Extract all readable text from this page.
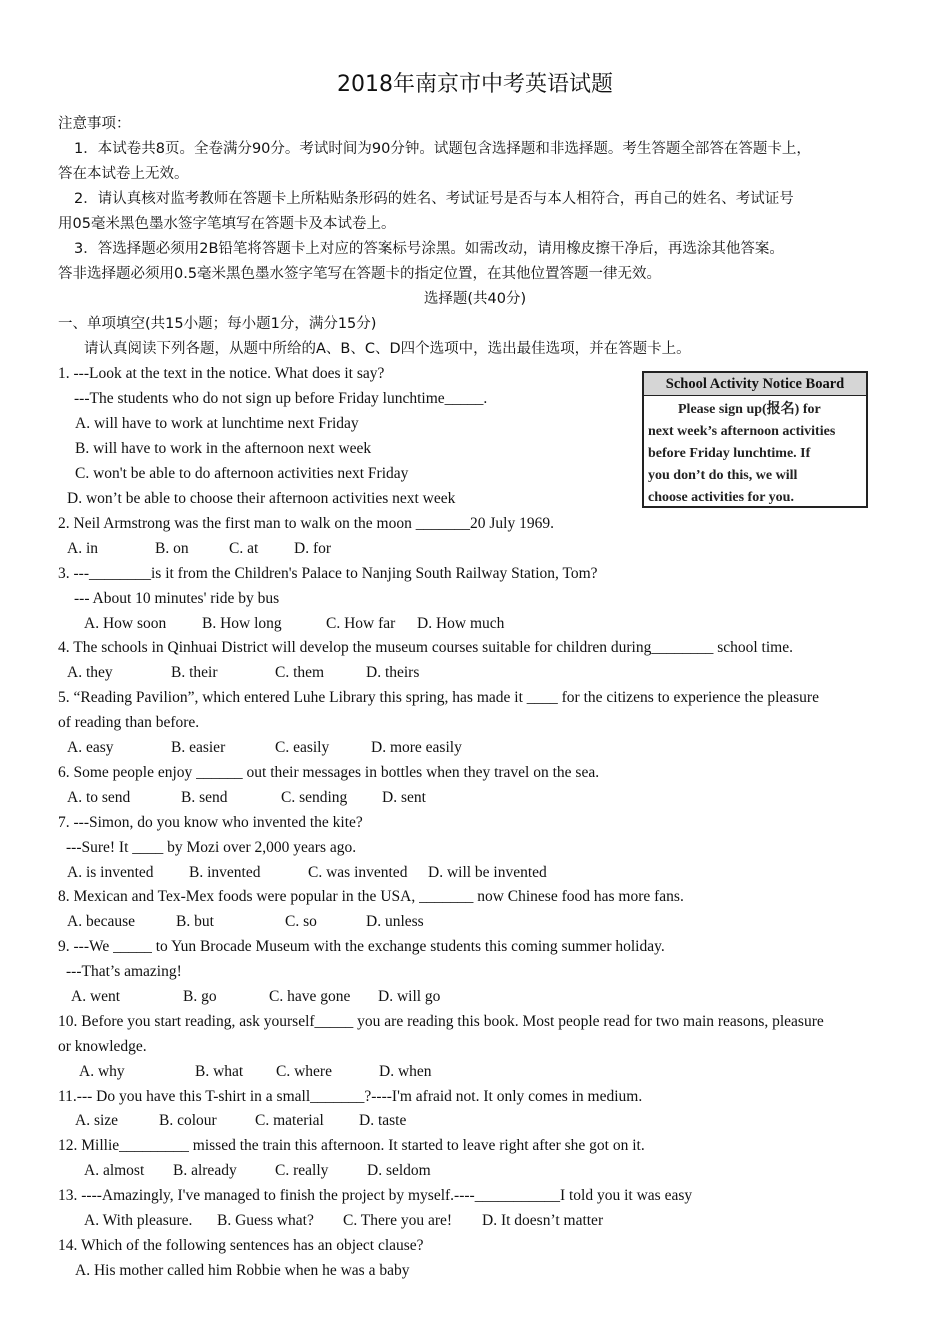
2018年南京市中考英语试题
注意事项：
1．本试卷共8页。全卷满分90分。考试时间为90分钟。试题包含选择题和非选择题。考生答题全部答在答题卡上，
答在本试卷上无效。
2．请认真核对监考教师在答题卡上所粘贴条形码的姓名、考试证号是否与本人相符合，再自己的姓名、考试证号
用05毫米黑色墨水签字笔填写在答题卡及本试卷上。
3．答选择题必须用2B铅笔将答题卡上对应的答案标号涂黑。如需改动，请用橡皮擦干净后，再选涂其他答案。
答非选择题必须用0.5毫米黑色墨水签字笔写在答题卡的指定位置，在其他位置答题一律无效。
选择题(共40分)
一、单项填空(共15小题；每小题1分，满分15分)
请认真阅读下列各题，从题中所给的A、B、C、D四个选项中，选出最佳选项，并在答题卡上。
1. ---Look at the text in the notice. What does it say?
---The students who do not sign up before Friday lunchtime_____.
A. will have to work at lunchtime next Friday
B. will have to work in the afternoon next week
C. won't be able to do afternoon activities next Friday
D. won’t be able to choose their afternoon activities next week
School Activity Notice Board

Please sign up(报名) for

next week’s afternoon activities

before Friday lunchtime. If

you don’t do this, we will

choose activities for you.

2. Neil Armstrong was the first man to walk on the moon _______20 July 1969.
A. in	B. on	C. at D. for
3. ---________is it from the Children's Palace to Nanjing South Railway Station, Tom?
--- About 10 minutes' ride by bus
A. How soon B. How long	C. How far D. How much
4. The schools in Qinhuai District will develop the museum courses suitable for children during________ school time.
A. they	B. their	C. them	D. theirs
5. “Reading Pavilion”, which entered Luhe Library this spring, has made it ____ for the citizens to experience the pleasure
of reading than before.
A. easy	B. easier	C. easily	D. more easily
6. Some people enjoy ______ out their messages in bottles when they travel on the sea.
A. to send	B. send	C. sending D. sent
7. ---Simon, do you know who invented the kite?
---Sure! It ____ by Mozi over 2,000 years ago.
A. is invented B. invented	C. was invented D. will be invented
8. Mexican and Tex-Mex foods were popular in the USA, _______ now Chinese food has more fans.
A. because	B. but	C. so	D. unless
9. ---We _____ to Yun Brocade Museum with the exchange students this coming summer holiday.
---That’s amazing!
A. went	B. go	C. have gone D. will go
10. Before you start reading, ask yourself_____ you are reading this book. Most people read for two main reasons, pleasure
or knowledge.
A. why	B. what C. where	D. when
11.--- Do you have this T-shirt in a small_______?----I'm afraid not. It only comes in medium.
A. size	B. colour C. material D. taste
12. Millie_________ missed the train this afternoon. It started to leave right after she got on it.
A. almost B. already C. really D. seldom
13. ----Amazingly, I've managed to finish the project by myself.----___________I told you it was easy
A. With pleasure. B. Guess what? C. There you are! D. It doesn’t matter
14. Which of the following sentences has an object clause?
A. His mother called him Robbie when he was a baby
